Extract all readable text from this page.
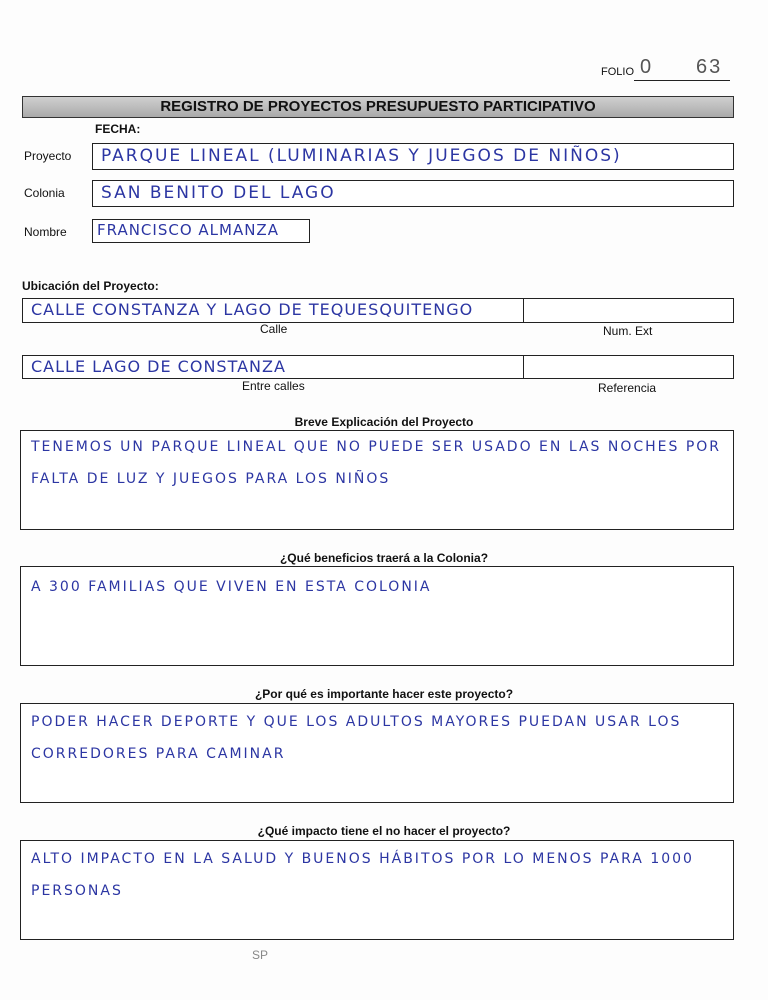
FOLIO 0 63
REGISTRO DE PROYECTOS PRESUPUESTO PARTICIPATIVO
FECHA:
Proyecto PARQUE LINEAL (LUMINARIAS Y JUEGOS DE NIÑOS)
Colonia SAN BENITO DEL LAGO
Nombre FRANCISCO ALMANZA
Ubicación del Proyecto:
CALLE CONSTANZA Y LAGO DE TEQUESQUITENGO
Calle	Num. Ext
CALLE LAGO DE CONSTANZA
Entre calles	Referencia
Breve Explicación del Proyecto
TENEMOS UN PARQUE LINEAL QUE NO PUEDE SER USADO EN LAS NOCHES POR FALTA DE LUZ Y JUEGOS PARA LOS NIÑOS
¿Qué beneficios traerá a la Colonia?
A 300 FAMILIAS QUE VIVEN EN ESTA COLONIA
¿Por qué es importante hacer este proyecto?
PODER HACER DEPORTE Y QUE LOS ADULTOS MAYORES PUEDAN USAR LOS CORREDORES PARA CAMINAR
¿Qué impacto tiene el no hacer el proyecto?
ALTO IMPACTO EN LA SALUD Y BUENOS HÁBITOS POR LO MENOS PARA 1000 PERSONAS
SP
